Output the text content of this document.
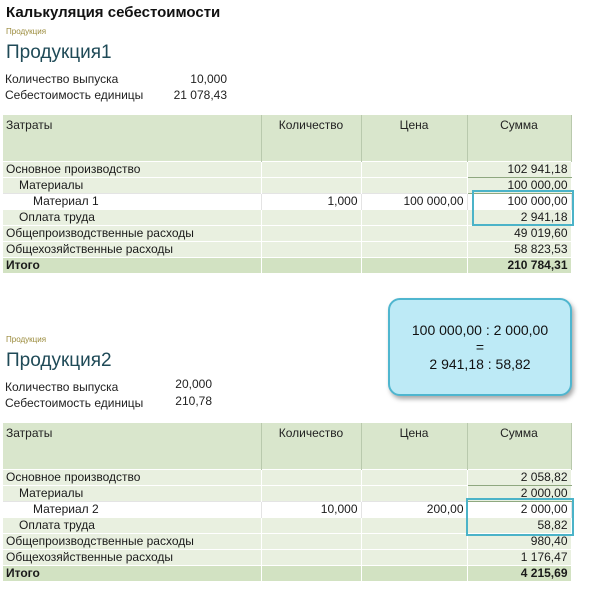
Калькуляция себестоимости
Продукция
Продукция1
Количество выпуска	10,000
Себестоимость единицы	21 078,43
Затраты	Количество	Цена	Сумма
Основное производство			102 941,18
Материалы			100 000,00
Материал 1	1,000	100 000,00	100 000,00
Оплата труда			2 941,18
Общепроизводственные расходы			49 019,60
Общехозяйственные расходы			58 823,53
Итого			210 784,31
100 000,00 : 2 000,00
=
2 941,18 : 58,82
Продукция
Продукция2
Количество выпуска	20,000
Себестоимость единицы	210,78
Затраты	Количество	Цена	Сумма
Основное производство			2 058,82
Материалы			2 000,00
Материал 2	10,000	200,00	2 000,00
Оплата труда			58,82
Общепроизводственные расходы			980,40
Общехозяйственные расходы			1 176,47
Итого			4 215,69
